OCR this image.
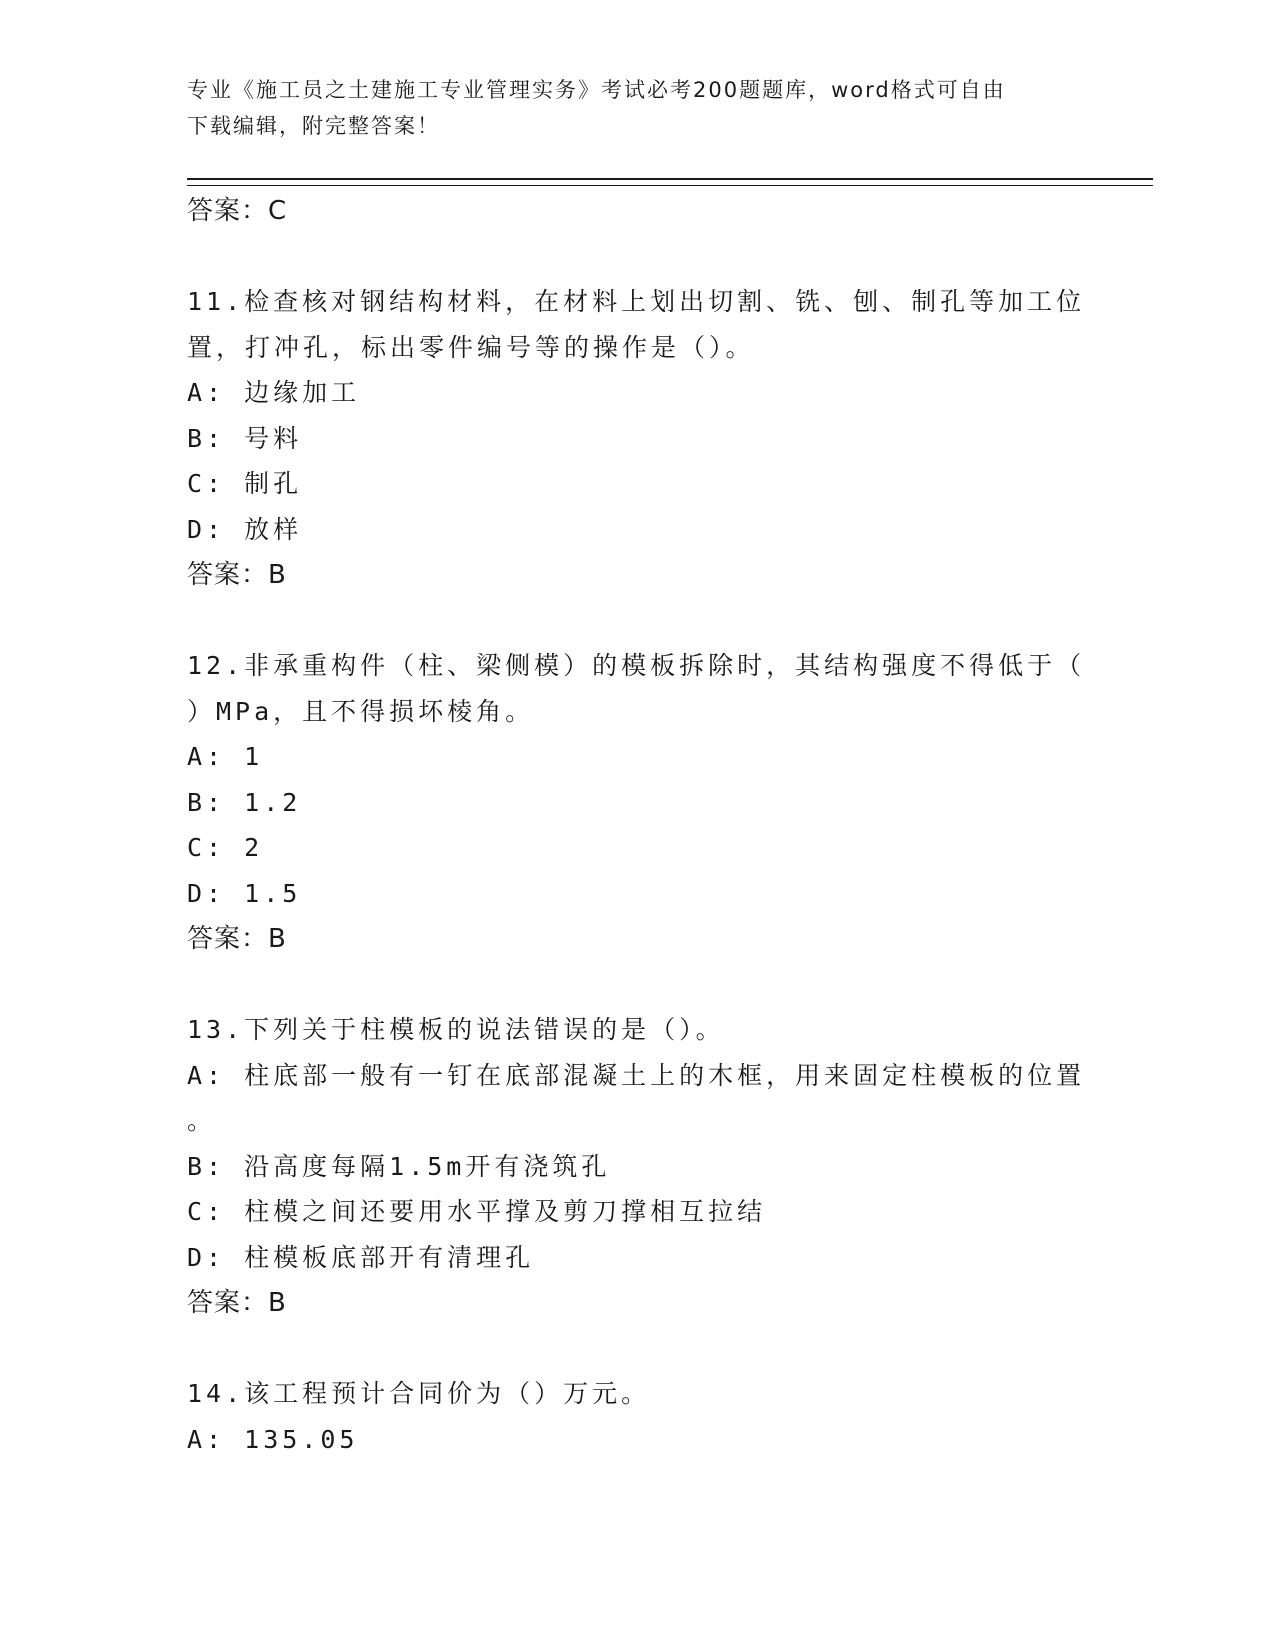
专业《施工员之土建施工专业管理实务》考试必考200题题库，word格式可自由
下载编辑，附完整答案！
答案：C
11.检查核对钢结构材料，在材料上划出切割、铣、刨、制孔等加工位
置，打冲孔，标出零件编号等的操作是（）。
A: 边缘加工
B: 号料
C: 制孔
D: 放样
答案：B
12.非承重构件（柱、梁侧模）的模板拆除时，其结构强度不得低于（
）MPa，且不得损坏棱角。
A: 1
B: 1.2
C: 2
D: 1.5
答案：B
13.下列关于柱模板的说法错误的是（）。
A: 柱底部一般有一钉在底部混凝土上的木框，用来固定柱模板的位置
。
B: 沿高度每隔1.5m开有浇筑孔
C: 柱模之间还要用水平撑及剪刀撑相互拉结
D: 柱模板底部开有清理孔
答案：B
14.该工程预计合同价为（）万元。
A: 135.05
